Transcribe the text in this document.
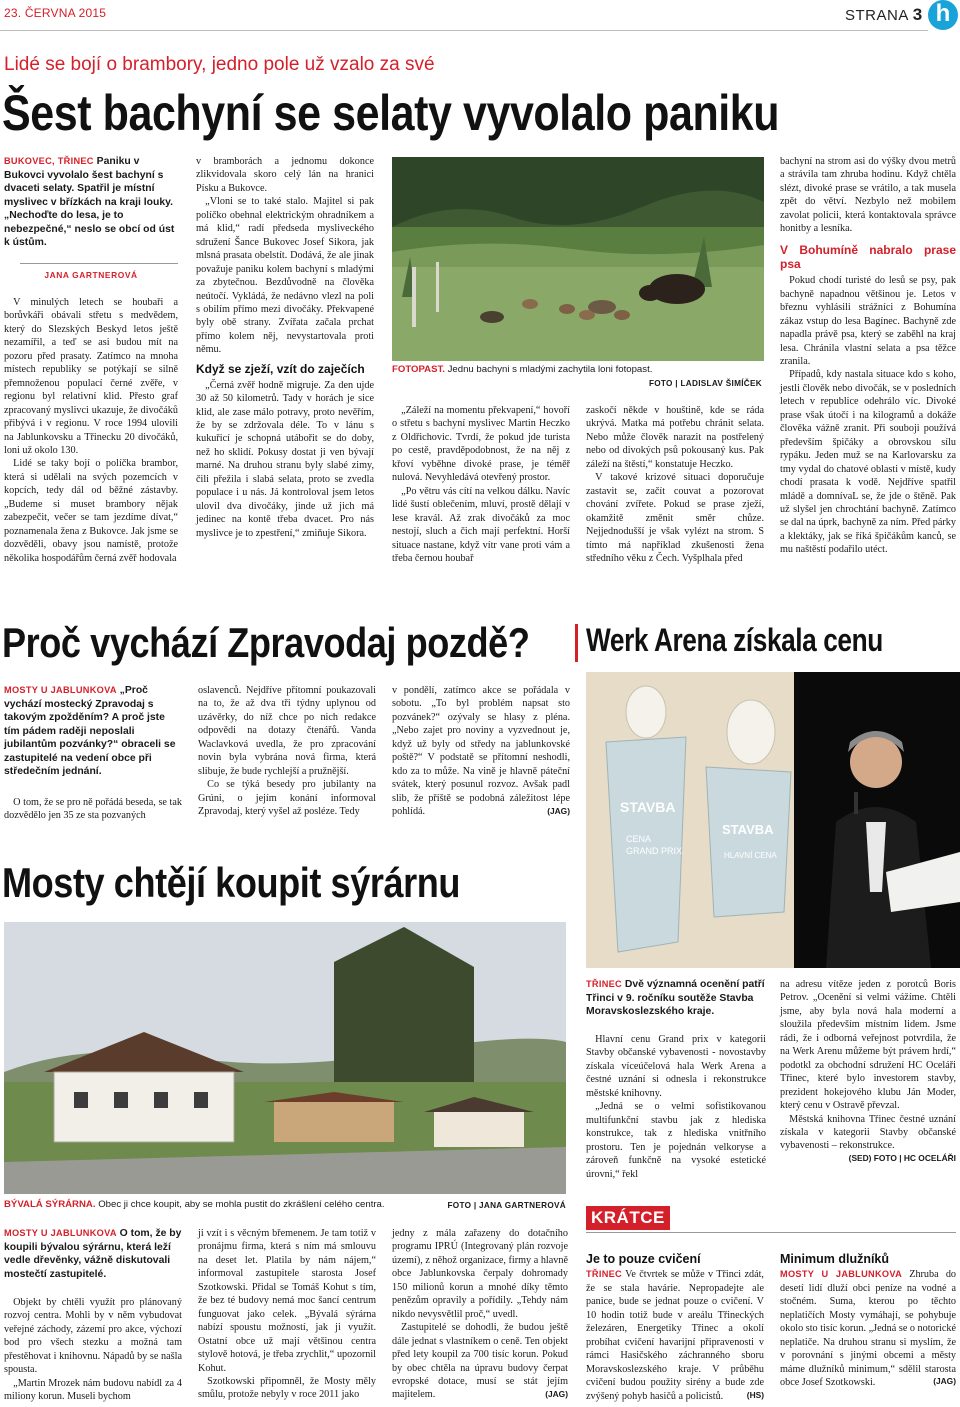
23. ČERVNA 2015	STRANA 3 h
Lidé se bojí o brambory, jedno pole už vzalo za své
Šest bachyní se selaty vyvolalo paniku
BUKOVEC, TŘINEC Paniku v Bukovci vyvolalo šest bachyní s dvaceti selaty. Spatřil je místní myslivec v břízkách na kraji louky. „Nechoďte do lesa, je to nebezpečné,“ neslo se obcí od úst k ústům.
JANA GARTNEROVÁ

V minulých letech se houbaři a borůvkáři obávali střetu s medvědem, který do Slezských Beskyd letos ještě nezamířil, a teď se asi budou mít na pozoru před prasaty. Zatímco na mnoha místech republiky se potýkají se silně přemnoženou populací černé zvěře, v regionu byl relativní klid. Přesto graf zpracovaný myslivci ukazuje, že divočáků přibývá i v regionu. V roce 1994 ulovili na Jablunkovsku a Třinecku 20 divočáků, loni už okolo 130.

Lidé se taky bojí o políčka brambor, která si udělali na svých pozemcích v kopcích, tedy dál od běžné zástavby. „Budeme si muset brambory nějak zabezpečit, večer se tam jezdíme dívat,“ poznamenala žena z Bukovce. Jak jsme se dozvěděli, obavy jsou namístě, protože několika hospodářům černá zvěř hodovala

v bramborách a jednomu dokonce zlikvidovala skoro celý lán na hranici Písku a Bukovce.

„Vloni se to také stalo. Majitel si pak políčko obehnal elektrickým ohradníkem a má klid,“ radí předseda mysliveckého sdružení Šance Bukovec Josef Sikora, jak mlsná prasata obelstít. Dodává, že ale jinak považuje paniku kolem bachyní s mladými za zbytečnou. Bezdůvodně na člověka neútočí. Vykládá, že nedávno vlezl na poli s obilím přímo mezi divočáky. Překvapené byly obě strany. Zvířata začala prchat přímo kolem něj, nevystartovala proti němu.

Když se zježí, vzít do zaječích

„Černá zvěř hodně migruje. Za den ujde 30 až 50 kilometrů. Tady v horách je sice klid, ale zase málo potravy, proto nevěřím, že by se zdržovala déle. To v lánu s kukuřicí je schopná utábořit se do doby, než ho sklidí. Pokusy dostat ji ven bývají marné. Na druhou stranu byly slabé zimy, čili přežila i slabá selata, proto se zvedla populace i u nás. Já kontroloval jsem letos ulovil dva divočáky, jinde už jich má jedinec na kontě třeba dvacet. Pro nás myslivce je to zpestření,“ zmiňuje Sikora.

FOTOPAST. Jednu bachyni s mladými zachytila loni fotopast.
FOTO | LADISLAV ŠIMÍČEK

„Záleží na momentu překvapení,“ hovoří o střetu s bachyní myslivec Martin Heczko z Oldřichovic. Tvrdí, že pokud jde turista po cestě, pravděpodobnost, že na něj z křoví vyběhne divoké prase, je téměř nulová. Nevyhledává otevřený prostor.

„Po větru vás cítí na velkou dálku. Navíc lidé šustí oblečením, mluví, prostě dělají v lese kravál. Až zrak divočáků za moc nestojí, sluch a čich mají perfektní. Horší situace nastane, když vítr vane proti vám a třeba černou houbař

zaskočí někde v houštině, kde se ráda ukrývá. Matka má potřebu chránit selata. Nebo může člověk narazit na postřelený nebo od divokých psů pokousaný kus. Pak záleží na štěstí,“ konstatuje Heczko.

V takové krizové situaci doporučuje zastavit se, začít couvat a pozorovat chování zvířete. Pokud se prase zježí, okamžitě změnit směr chůze. Nejjednodušší je však vylézt na strom. S tímto má například zkušenosti žena středního věku z Čech. Vyšplhala před

bachyní na strom asi do výšky dvou metrů a strávila tam zhruba hodinu. Když chtěla slézt, divoké prase se vrátilo, a tak musela zpět do větví. Nezbylo než mobilem zavolat policii, která kontaktovala správce honitby a lesníka.

V Bohumíně nabralo prase psa

Pokud chodí turisté do lesů se psy, pak bachyně napadnou většinou je. Letos v březnu vyhlásili strážníci z Bohumína zákaz vstup do lesa Bagínec. Bachyně zde napadla právě psa, který se zaběhl na kraj lesa. Chránila vlastní selata a psa těžce zranila.

Případů, kdy nastala situace kdo s koho, jestli člověk nebo divočák, se v posledních letech v republice odehrálo víc. Divoké prase však útočí i na kilogramů a dokáže člověka vážně zranit. Při souboji používá především špičáky a obrovskou sílu rypáku. Jeden muž se na Karlovarsku za tmy vydal do chatové oblasti v místě, kudy chodí prasata k vodě. Nejdříve spatřil mládě a domnívaL se, že jde o štěně. Pak už slyšel jen chrochtání bachyně. Zatímco se dal na úprk, bachyně za ním. Před párky a klektáky, jak se říká špičákům kanců, se mu naštěstí podařilo utéct.

Proč vychází Zpravodaj pozdě?
MOSTY U JABLUNKOVA „Proč vychází mostecký Zpravodaj s takovým zpožděním? A proč jste tím pádem raději neposlali jubilantům pozvánky?“ obraceli se zastupitelé na vedení obce při středečním jednání.

O tom, že se pro ně pořádá beseda, se tak dozvědělo jen 35 ze sta pozvaných

oslavenců. Nejdříve přítomní poukazovali na to, že až dva tři týdny uplynou od uzávěrky, do níž chce po nich redakce odpovědi na dotazy čtenářů. Vanda Waclavková uvedla, že pro zpracování novin byla vybrána nová firma, která slibuje, že bude rychlejší a pružnější.

Co se týká besedy pro jubilanty na Grúni, o jejím konání informoval Zpravodaj, který vyšel až posléze. Tedy

v pondělí, zatímco akce se pořádala v sobotu. „To byl problém napsat sto pozvánek?“ ozývaly se hlasy z pléna. „Nebo zajet pro noviny a vyzvednout je, když už byly od středy na jablunkovské poště?“ V podstatě se přítomní neshodli, kdo za to může. Na vině je hlavně páteční svátek, který posunul rozvoz. Avšak padl slib, že příště se podobná záležitost lépe pohlídá.	(JAG)
Werk Arena získala cenu
STAVBA
CENA
GRAND PRIX
STAVBA
HLAVNÍ CENA
TŘINEC Dvě významná ocenění patří Třinci v 9. ročníku soutěže Stavba Moravskoslezského kraje.

Hlavní cenu Grand prix v kategorii Stavby občanské vybavenosti - novostavby získala víceúčelová hala Werk Arena a čestné uznání si odnesla i rekonstrukce městské knihovny.

„Jedná se o velmi sofistikovanou multifunkční stavbu jak z hlediska konstrukce, tak z hlediska vnitřního prostoru. Ten je pojednán velkoryse a zároveň funkčně na vysoké estetické úrovni,“ řekl

na adresu vítěze jeden z porotců Boris Petrov. „Ocenění si velmi vážíme. Chtěli jsme, aby byla nová hala moderní a sloužila především místním lidem. Jsme rádi, že i odborná veřejnost potvrdila, že na Werk Arenu můžeme být právem hrdí,“ podotkl za obchodní sdružení HC Oceláři Třinec, které bylo investorem stavby, prezident hokejového klubu Ján Moder, který cenu v Ostravě převzal.

Městská knihovna Třinec čestné uznání získala v kategorii Stavby občanské vybavenosti – rekonstrukce.

(SED) FOTO | HC OCELÁŘI
Mosty chtějí koupit sýrárnu
BÝVALÁ SÝRÁRNA. Obec ji chce koupit, aby se mohla pustit do zkrášlení celého centra.	FOTO | JANA GARTNEROVÁ
MOSTY U JABLUNKOVA O tom, že by koupili bývalou sýrárnu, která leží vedle dřevěnky, vážně diskutovali mostečtí zastupitelé.

Objekt by chtěli využít pro plánovaný rozvoj centra. Mohli by v něm vybudovat veřejné záchody, zázemí pro akce, výchozí bod pro všech stezku a možná tam přestěhovat i knihovnu. Nápadů by se našla spousta.

„Martin Mrozek nám budovu nabídl za 4 miliony korun. Museli bychom

ji vzít i s věcným břemenem. Je tam totiž v pronájmu firma, která s ním má smlouvu na deset let. Platila by nám nájem,“ informoval zastupitele starosta Josef Szotkowski. Přidal se Tomáš Kohut s tím, že bez té budovy nemá moc šancí centrum funguovat jako celek. „Bývalá sýrárna nabízí spoustu možností, jak ji využít. Ostatní obce už mají většinou centra stylově hotová, je třeba zrychlit,“ upozornil Kohut.

Szotkowski připomněl, že Mosty měly smůlu, protože nebyly v roce 2011 jako

jedny z mála zařazeny do dotačního programu IPRÚ (Integrovaný plán rozvoje území), z něhož organizace, firmy a hlavně obce Jablunkovska čerpaly dohromady 150 milionů korun a mnohé díky těmto penězům opravily a pořídily. „Tehdy nám nikdo nevysvětlil proč,“ uvedl.

Zastupitelé se dohodli, že budou ještě dále jednat s vlastníkem o ceně. Ten objekt před lety koupil za 700 tisíc korun. Pokud by obec chtěla na úpravu budovy čerpat evropské dotace, musí se stát jejím majitelem.	(JAG)
KRÁTCE
Je to pouze cvičení

TŘINEC Ve čtvrtek se může v Třinci zdát, že se stala havárie. Nepropadejte ale panice, bude se jednat pouze o cvičení. V 10 hodin totiž bude v areálu Třineckých železáren, Energetiky Třinec a okolí probíhat cvičení havarijní připravenosti v rámci Hasičského záchranného sboru Moravskoslezského kraje. V průběhu cvičení budou použity sirény a bude zde zvýšený pohyb hasičů a policistů.	(HS)

Minimum dlužníků

MOSTY U JABLUNKOVA Zhruba do desetí lidí dluží obci peníze na vodné a stočném. Suma, kterou po těchto neplatičích Mosty vymáhají, se pohybuje okolo sto tisíc korun. „Jedná se o notorické neplatiče. Na druhou stranu si myslím, že v porovnání s jinými obcemi a městy máme dlužníků minimum,“ sdělil starosta obce Josef Szotkowski.	(JAG)
